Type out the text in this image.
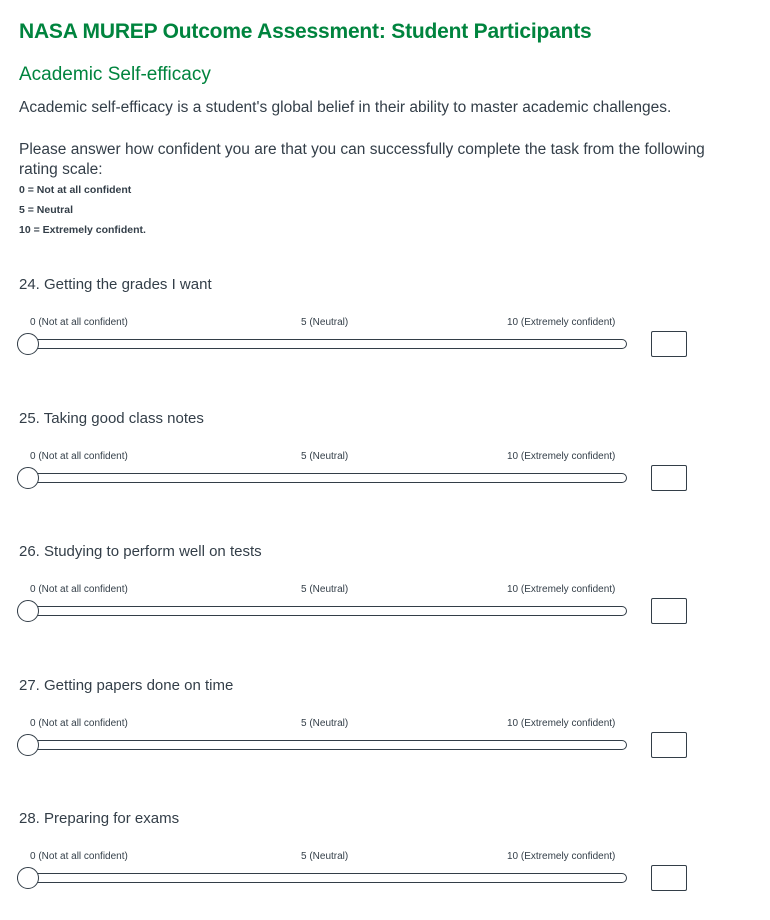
NASA MUREP Outcome Assessment: Student Participants
Academic Self-efficacy

Academic self-efficacy is a student's global belief in their ability to master academic challenges.

Please answer how confident you are that you can successfully complete the task from the following rating scale:

0 = Not at all confident
5 = Neutral
10 = Extremely confident.
24. Getting the grades I want
0 (Not at all confident)	5 (Neutral)	10 (Extremely confident)
25. Taking good class notes
0 (Not at all confident)	5 (Neutral)	10 (Extremely confident)
26. Studying to perform well on tests
0 (Not at all confident)	5 (Neutral)	10 (Extremely confident)
27. Getting papers done on time
0 (Not at all confident)	5 (Neutral)	10 (Extremely confident)
28. Preparing for exams
0 (Not at all confident)	5 (Neutral)	10 (Extremely confident)
